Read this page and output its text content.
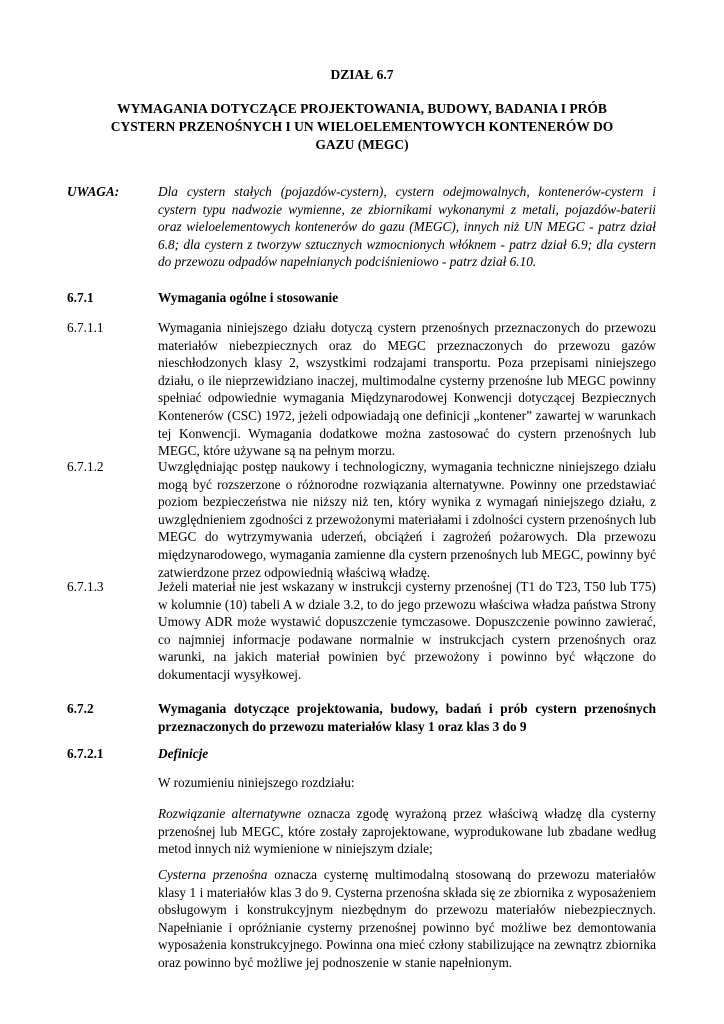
DZIAŁ 6.7
WYMAGANIA DOTYCZĄCE PROJEKTOWANIA, BUDOWY, BADANIA I PRÓB
CYSTERN PRZENOŚNYCH I UN WIELOELEMENTOWYCH KONTENERÓW DO
GAZU (MEGC)
UWAGA:	Dla cystern stałych (pojazdów-cystern), cystern odejmowalnych, kontenerów-cystern i cystern typu nadwozie wymienne, ze zbiornikami wykonanymi z metali, pojazdów-baterii oraz wieloelementowych kontenerów do gazu (MEGC), innych niż UN MEGC - patrz dział 6.8; dla cystern z tworzyw sztucznych wzmocnionych włóknem - patrz dział 6.9; dla cystern do przewozu odpadów napełnianych podciśnieniowo - patrz dział 6.10.
6.7.1	Wymagania ogólne i stosowanie
6.7.1.1	Wymagania niniejszego działu dotyczą cystern przenośnych przeznaczonych do przewozu materiałów niebezpiecznych oraz do MEGC przeznaczonych do przewozu gazów nieschłodzonych klasy 2, wszystkimi rodzajami transportu. Poza przepisami niniejszego działu, o ile nieprzewidziano inaczej, multimodalne cysterny przenośne lub MEGC powinny spełniać odpowiednie wymagania Międzynarodowej Konwencji dotyczącej Bezpiecznych Kontenerów (CSC) 1972, jeżeli odpowiadają one definicji „kontener” zawartej w warunkach tej Konwencji. Wymagania dodatkowe można zastosować do cystern przenośnych lub MEGC, które używane są na pełnym morzu.
6.7.1.2	Uwzględniając postęp naukowy i technologiczny, wymagania techniczne niniejszego działu mogą być rozszerzone o różnorodne rozwiązania alternatywne. Powinny one przedstawiać poziom bezpieczeństwa nie niższy niż ten, który wynika z wymagań niniejszego działu, z uwzględnieniem zgodności z przewożonymi materiałami i zdolności cystern przenośnych lub MEGC do wytrzymywania uderzeń, obciążeń i zagrożeń pożarowych. Dla przewozu międzynarodowego, wymagania zamienne dla cystern przenośnych lub MEGC, powinny być zatwierdzone przez odpowiednią właściwą władzę.
6.7.1.3	Jeżeli materiał nie jest wskazany w instrukcji cysterny przenośnej (T1 do T23, T50 lub T75) w kolumnie (10) tabeli A w dziale 3.2, to do jego przewozu właściwa władza państwa Strony Umowy ADR może wystawić dopuszczenie tymczasowe. Dopuszczenie powinno zawierać, co najmniej informacje podawane normalnie w instrukcjach cystern przenośnych oraz warunki, na jakich materiał powinien być przewożony i powinno być włączone do dokumentacji wysyłkowej.
6.7.2	Wymagania dotyczące projektowania, budowy, badań i prób cystern przenośnych przeznaczonych do przewozu materiałów klasy 1 oraz klas 3 do 9
6.7.2.1	Definicje
W rozumieniu niniejszego rozdziału:
Rozwiązanie alternatywne oznacza zgodę wyrażoną przez właściwą władzę dla cysterny przenośnej lub MEGC, które zostały zaprojektowane, wyprodukowane lub zbadane według metod innych niż wymienione w niniejszym dziale;
Cysterna przenośna oznacza cysternę multimodalną stosowaną do przewozu materiałów klasy 1 i materiałów klas 3 do 9. Cysterna przenośna składa się ze zbiornika z wyposażeniem obsługowym i konstrukcyjnym niezbędnym do przewozu materiałów niebezpiecznych. Napełnianie i opróżnianie cysterny przenośnej powinno być możliwe bez demontowania wyposażenia konstrukcyjnego. Powinna ona mieć człony stabilizujące na zewnątrz zbiornika oraz powinno być możliwe jej podnoszenie w stanie napełnionym.
